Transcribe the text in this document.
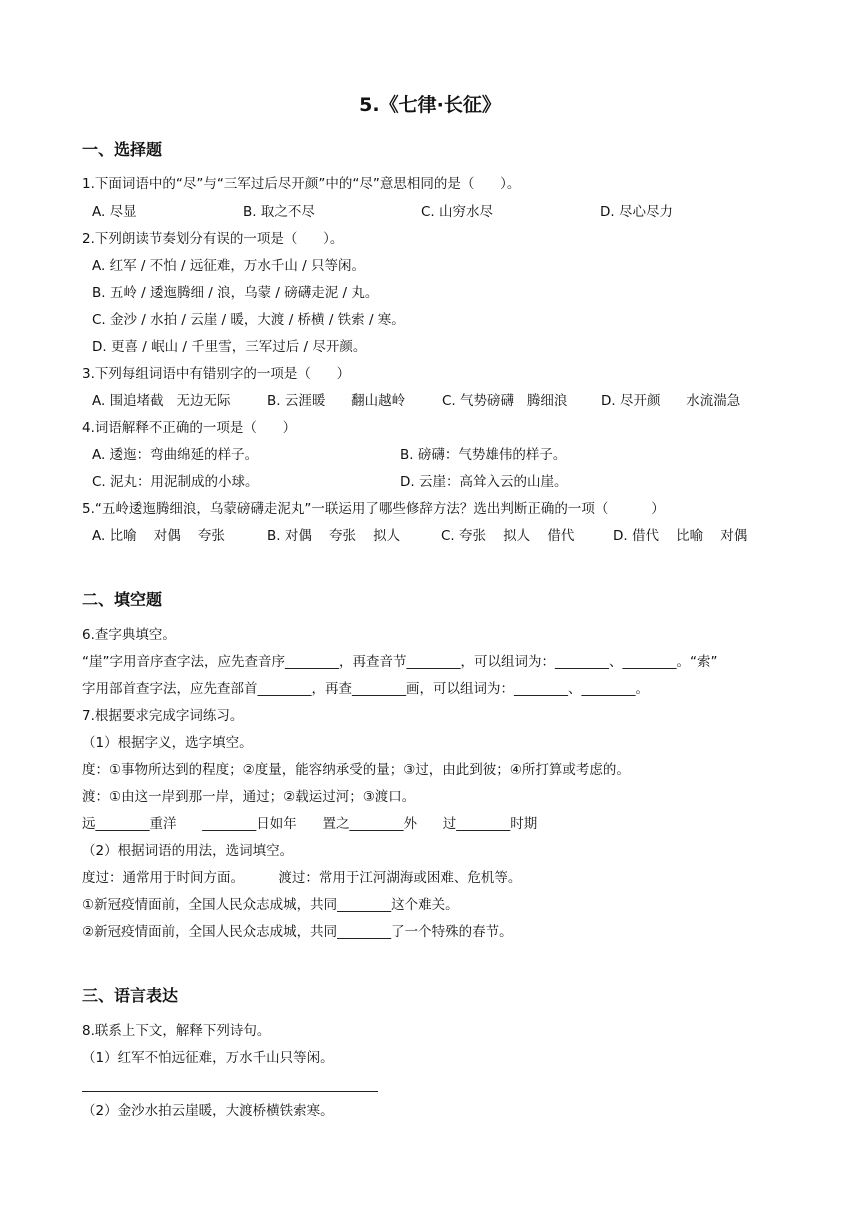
5.《七律·长征》
一、选择题
1.下面词语中的“尽”与“三军过后尽开颜”中的“尽”意思相同的是（      ）。
A. 尽显	B. 取之不尽	C. 山穷水尽	D. 尽心尽力
2.下列朗读节奏划分有误的一项是（      ）。
A. 红军 / 不怕 / 远征难，万水千山 / 只等闲。
B. 五岭 / 逶迤腾细 / 浪，乌蒙 / 磅礴走泥 / 丸。
C. 金沙 / 水拍 / 云崖 / 暖，大渡 / 桥横 / 铁索 / 寒。
D. 更喜 / 岷山 / 千里雪，三军过后 / 尽开颜。
3.下列每组词语中有错别字的一项是（      ）
A. 围追堵截   无边无际	B. 云涯暖      翻山越岭	C. 气势磅礴   腾细浪 D. 尽开颜      水流湍急
4.词语解释不正确的一项是（      ）
A. 逶迤：弯曲绵延的样子。	B. 磅礴：气势雄伟的样子。
C. 泥丸：用泥制成的小球。	D. 云崖：高耸入云的山崖。
5.“五岭逶迤腾细浪，乌蒙磅礴走泥丸”一联运用了哪些修辞方法？选出判断正确的一项（          ）
A. 比喻    对偶    夸张	B. 对偶    夸张    拟人	C. 夸张    拟人    借代	D. 借代    比喻    对偶
二、填空题
6.查字典填空。
“崖”字用音序查字法，应先查音序________，再查音节________，可以组词为：________、________。“索”
字用部首查字法，应先查部首________，再查________画，可以组词为：________、________。
7.根据要求完成字词练习。
（1）根据字义，选字填空。
度：①事物所达到的程度；②度量，能容纳承受的量；③过，由此到彼；④所打算或考虑的。
渡：①由这一岸到那一岸，通过；②载运过河；③渡口。
远________重洋      ________日如年      置之________外      过________时期
（2）根据词语的用法，选词填空。
度过：通常用于时间方面。        渡过：常用于江河湖海或困难、危机等。
①新冠疫情面前，全国人民众志成城，共同________这个难关。
②新冠疫情面前，全国人民众志成城，共同________了一个特殊的春节。
三、语言表达
8.联系上下文，解释下列诗句。
（1）红军不怕远征难，万水千山只等闲。
（2）金沙水拍云崖暖，大渡桥横铁索寒。
